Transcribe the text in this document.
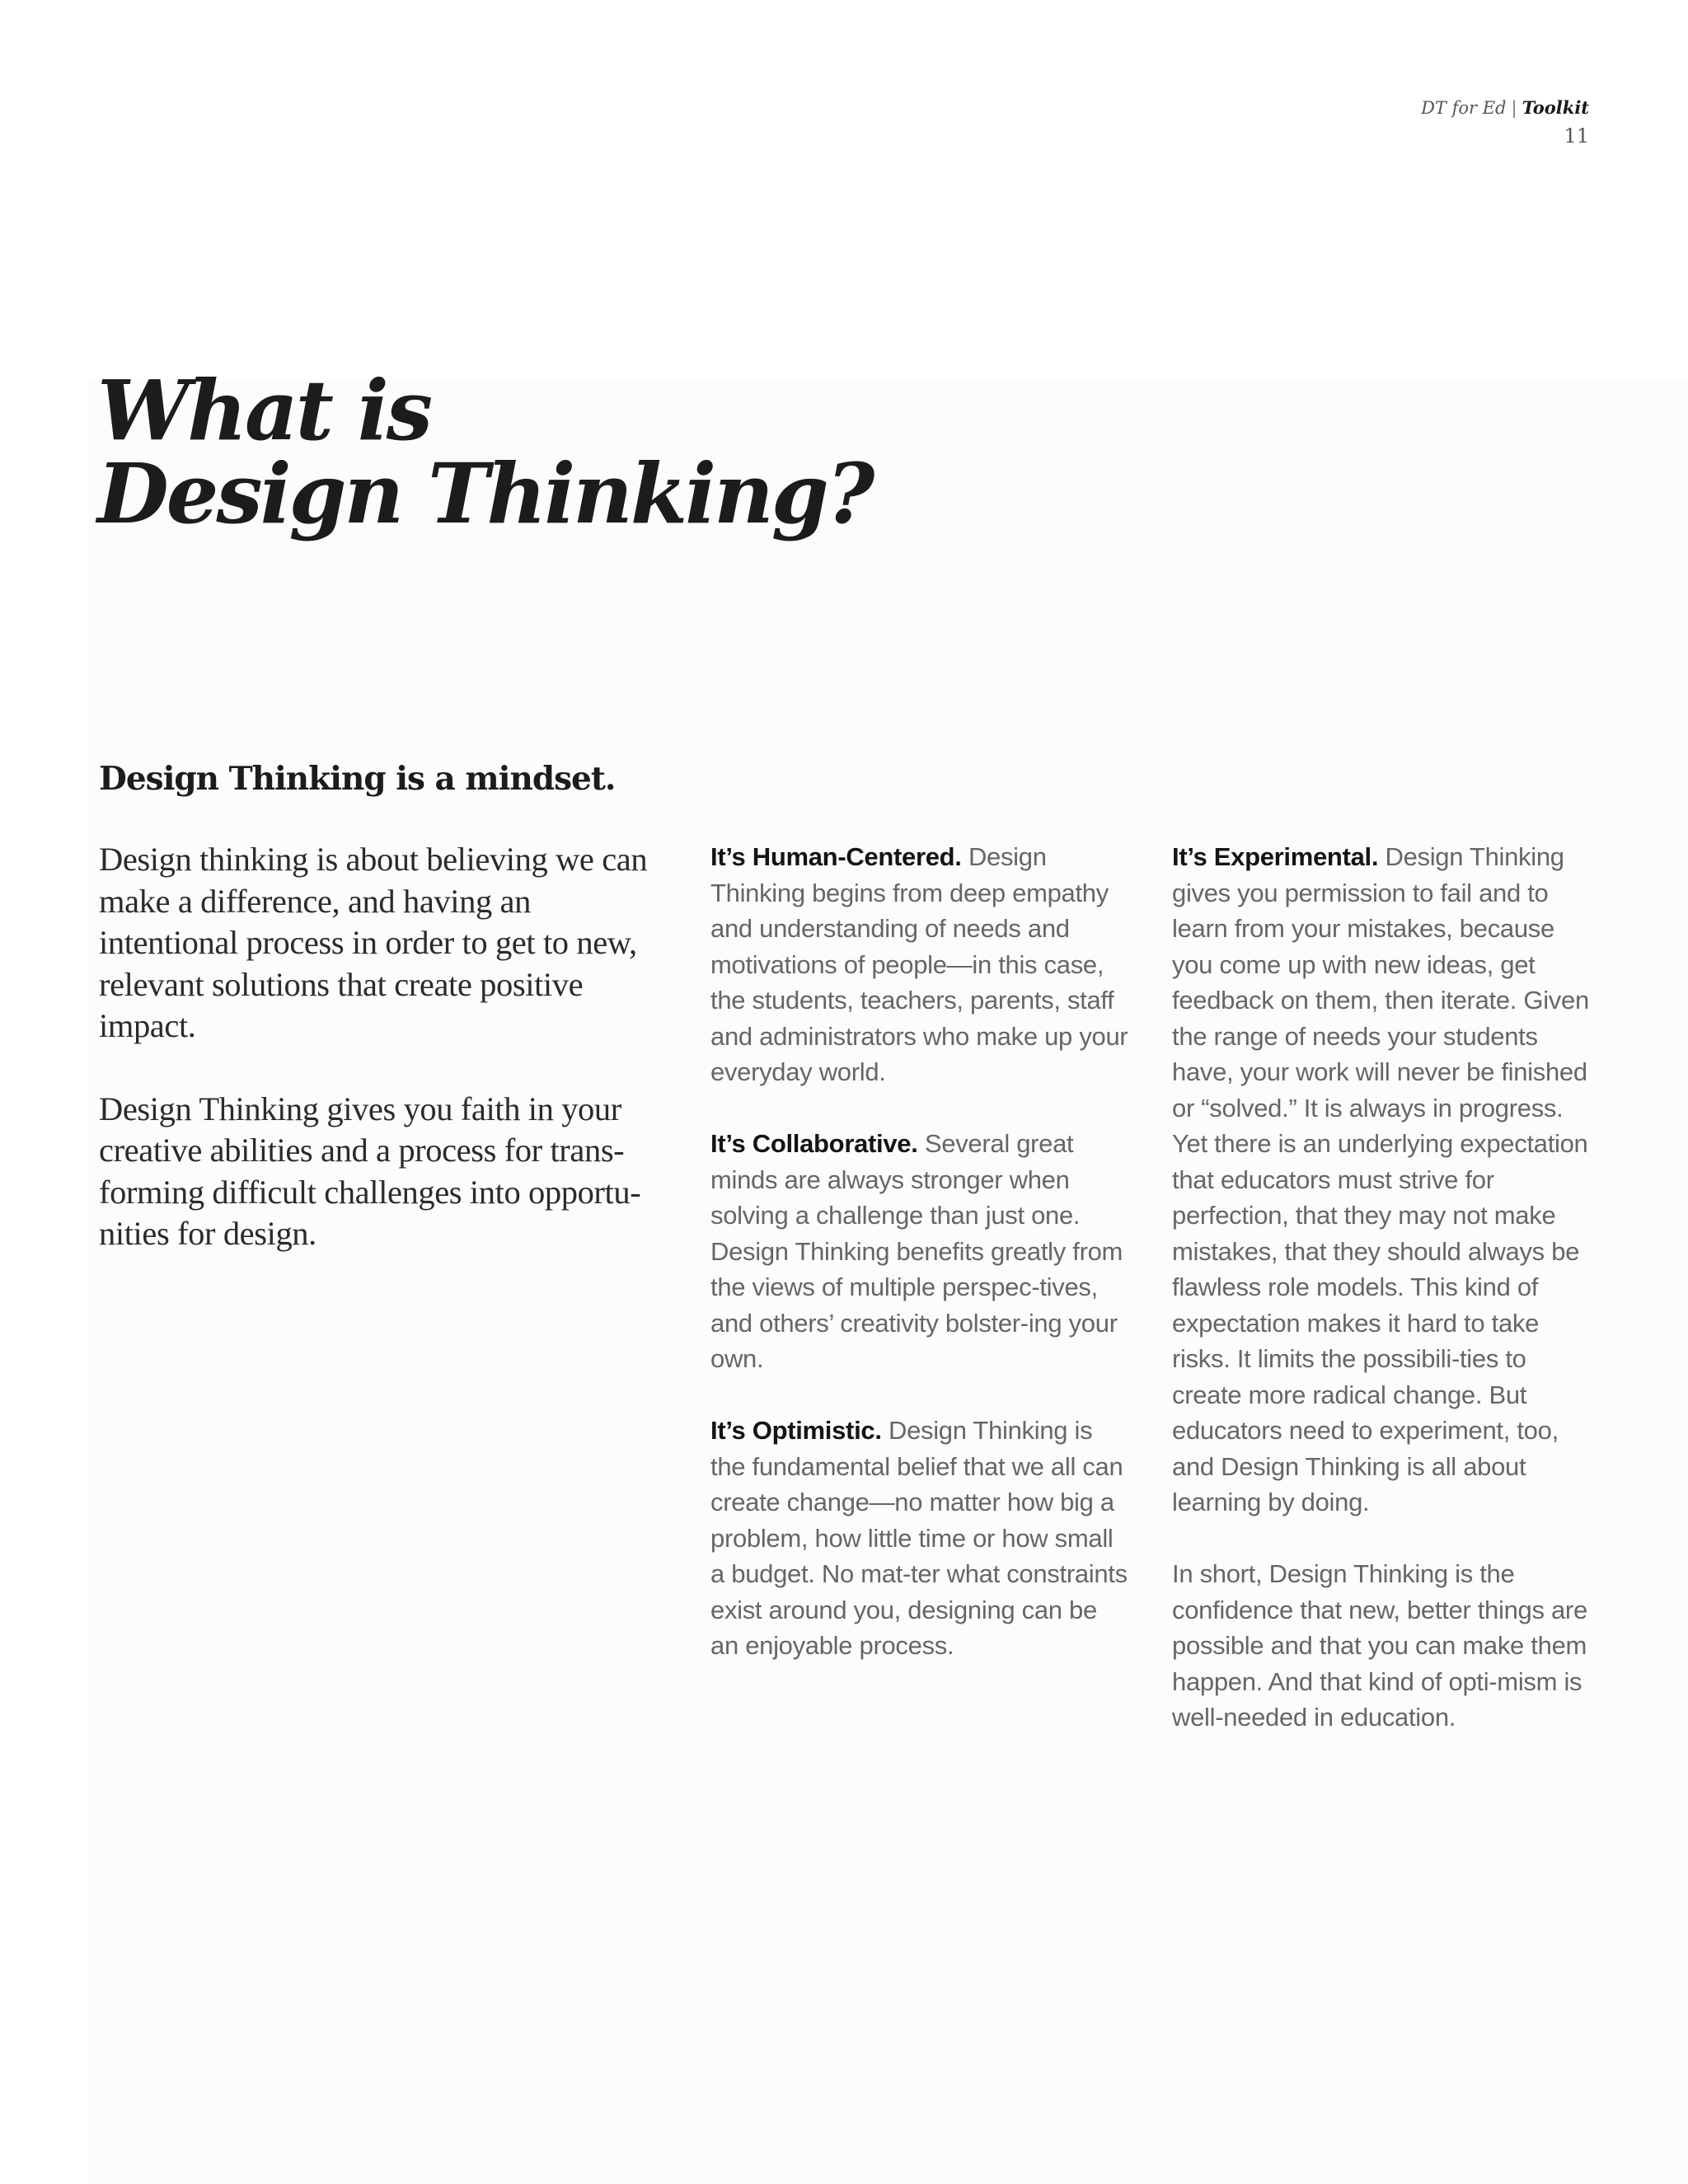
DT for Ed | Toolkit
11
What is
Design Thinking?
Design Thinking is a mindset.

Design thinking is about believing we can make a difference, and having an intentional process in order to get to new, relevant solutions that create positive impact.

Design Thinking gives you faith in your creative abilities and a process for trans-forming difficult challenges into opportu-nities for design.

It’s Human-Centered. Design Thinking begins from deep empathy and understanding of needs and motivations of people—in this case, the students, teachers, parents, staff and administrators who make up your everyday world.

It’s Collaborative. Several great minds are always stronger when solving a challenge than just one. Design Thinking benefits greatly from the views of multiple perspec-tives, and others’ creativity bolster-ing your own.

It’s Optimistic. Design Thinking is the fundamental belief that we all can create change—no matter how big a problem, how little time or how small a budget. No mat-ter what constraints exist around you, designing can be an enjoyable process.

It’s Experimental. Design Thinking gives you permission to fail and to learn from your mistakes, because you come up with new ideas, get feedback on them, then iterate. Given the range of needs your students have, your work will never be finished or “solved.” It is always in progress. Yet there is an underlying expectation that educators must strive for perfection, that they may not make mistakes, that they should always be flawless role models. This kind of expectation makes it hard to take risks. It limits the possibili-ties to create more radical change. But educators need to experiment, too, and Design Thinking is all about learning by doing.

In short, Design Thinking is the confidence that new, better things are possible and that you can make them happen. And that kind of opti-mism is well-needed in education.
